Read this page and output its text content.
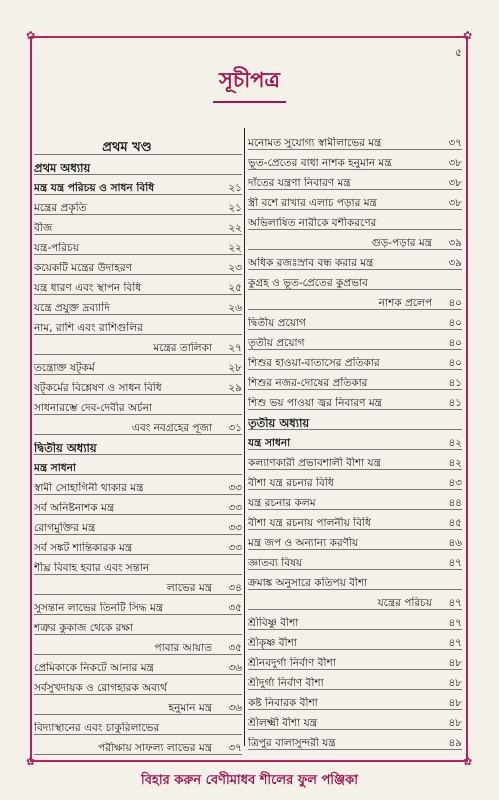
✿	✿
✿	✿
৫
সূচীপত্র
প্রথম খণ্ড
প্রথম অধ্যায়
মন্ত্র যন্ত্র পরিচয় ও সাধন বিধি	২১
মন্ত্রের প্রকৃতি	২১
বীজ	২২
যন্ত্র-পরিচয়	২২
কয়েকটি মন্ত্রের উদাহরণ	২৩
যন্ত্র ধারণ এবং স্থাপন বিধি	২৫
যন্ত্রে প্রযুক্ত দ্রব্যাদি	২৬
নাম, রাশি এবং রাশিগুলির
মন্ত্রের তালিকা	২৭
তন্ত্রোক্ত ষট্‌কর্ম	২৮
ষট্‌কর্মের বিশ্লেষণ ও সাধন বিধি	২৯
সাধনারম্ভে দেব-দেবীর অর্চনা
এবং নবগ্রহের পূজা	৩১
দ্বিতীয় অধ্যায়
মন্ত্র সাধনা
স্বামী সোহাগিনী থাকার মন্ত্র	৩৩
সর্ব অনিষ্টনাশক মন্ত্র	৩৩
রোগমুক্তির মন্ত্র	৩৩
সর্ব সঙ্কট শান্তিকারক মন্ত্র	৩৩
শীঘ্র বিবাহ হবার এবং সন্তান
লাভের মন্ত্র	৩৪
সুসন্তান লাভের তিনটি সিদ্ধ মন্ত্র	৩৫
শত্রুর কুকাজ থেকে রক্ষা
পাবার আয়াত	৩৫
প্রেমিকাকে নিকটে আনার মন্ত্র	৩৬
সর্বসুখদায়ক ও রোগহারক অব্যর্থ
হনুমান মন্ত্র	৩৬
বিদ্যাস্থানের এবং চাকুরিলাভের
পরীক্ষায় সাফল্য লাভের মন্ত্র	৩৭
মনোমত সুযোগ্য স্বামীলাভের মন্ত্র	৩৭
ভূত-প্রেতের বাধা নাশক হনুমান মন্ত্র	৩৮
দাঁতের যন্ত্রণা নিবারণ মন্ত্র	৩৮
স্ত্রী বশে রাখার এলাচ পড়ার মন্ত্র	৩৮
অভিলাষিত নারীকে বশীকরণের
গুড়-পড়ার মন্ত্র	৩৯
অধিক রজঃস্রাব বন্ধ করার মন্ত্র	৩৯
কুগ্রহ ও ভূত-প্রেতের কুপ্রভাব
নাশক প্রলেপ	৪০
দ্বিতীয় প্রয়োগ	৪০
তৃতীয় প্রয়োগ	৪০
শিশুর হাওয়া-বাতাসের প্রতিকার	৪০
শিশুর নজর-দোষের প্রতিকার	৪১
শিশু ভয় পাওয়া জ্বর নিবারণ মন্ত্র	৪১
তৃতীয় অধ্যায়
যন্ত্র সাধনা	৪২
কল্যাণকারী প্রভাবশালী বীশা যন্ত্র	৪২
বীশা যন্ত্র রচনার বিধি	৪৩
যন্ত্র রচনার কলম	৪৪
বীশা যন্ত্র রচনায় পালনীয় বিধি	৪৫
মন্ত্র জপ ও অন্যান্য করণীয়	৪৬
জ্ঞাতব্য বিষয়	৪৭
ক্রমাঙ্ক অনুসারে কতিপয় বীশা
যন্ত্রের পরিচয়	৪৭
শ্রীবিষ্ণু বীশা	৪৭
শ্রীকৃষ্ণ বীশা	৪৭
শ্রীনবদুর্গা নির্বাণ বীশা	৪৮
শ্রীদুর্গা নির্বাণ বীশা	৪৮
কষ্ট নিবারক বীশা	৪৮
শ্রীলক্ষ্মী বীশা যন্ত্র	৪৮
ত্রিপুর বালাসুন্দরী যন্ত্র	৪৯
বিহার করুন বেণীমাধব শীলের ফুল পঞ্জিকা
